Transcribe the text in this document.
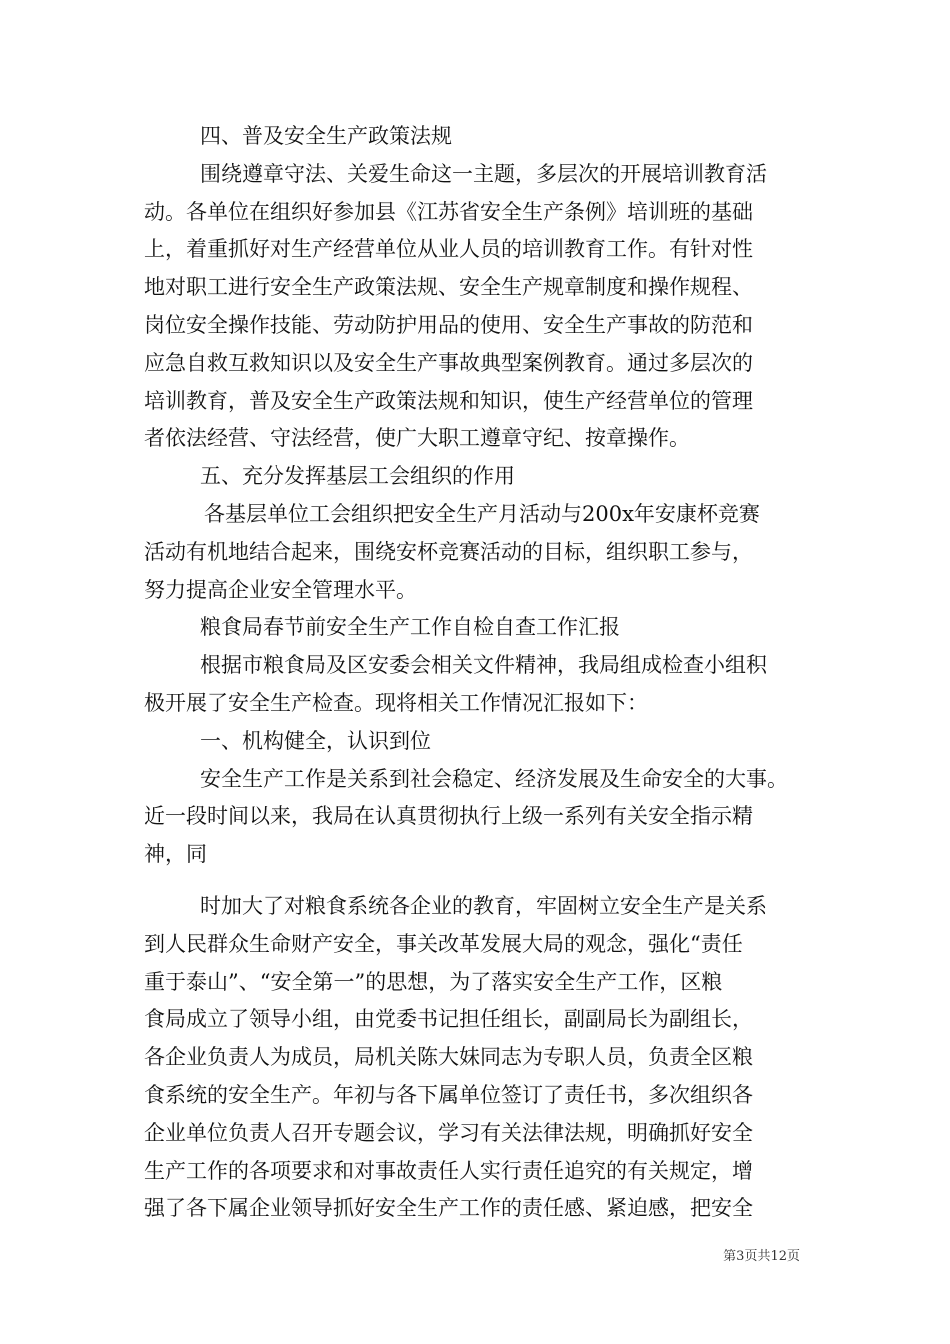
四、普及安全生产政策法规
围绕遵章守法、关爱生命这一主题，多层次的开展培训教育活
动。各单位在组织好参加县《江苏省安全生产条例》培训班的基础
上，着重抓好对生产经营单位从业人员的培训教育工作。有针对性
地对职工进行安全生产政策法规、安全生产规章制度和操作规程、
岗位安全操作技能、劳动防护用品的使用、安全生产事故的防范和
应急自救互救知识以及安全生产事故典型案例教育。通过多层次的
培训教育，普及安全生产政策法规和知识，使生产经营单位的管理
者依法经营、守法经营，使广大职工遵章守纪、按章操作。
五、充分发挥基层工会组织的作用
各基层单位工会组织把安全生产月活动与200x年安康杯竞赛
活动有机地结合起来，围绕安杯竞赛活动的目标，组织职工参与，
努力提高企业安全管理水平。
粮食局春节前安全生产工作自检自查工作汇报
根据市粮食局及区安委会相关文件精神，我局组成检查小组积
极开展了安全生产检查。现将相关工作情况汇报如下：
一、机构健全，认识到位
安全生产工作是关系到社会稳定、经济发展及生命安全的大事。
近一段时间以来，我局在认真贯彻执行上级一系列有关安全指示精
神，同
时加大了对粮食系统各企业的教育，牢固树立安全生产是关系
到人民群众生命财产安全，事关改革发展大局的观念，强化“责任
重于泰山”、“安全第一”的思想，为了落实安全生产工作，区粮
食局成立了领导小组，由党委书记担任组长，副副局长为副组长，
各企业负责人为成员，局机关陈大妹同志为专职人员，负责全区粮
食系统的安全生产。年初与各下属单位签订了责任书，多次组织各
企业单位负责人召开专题会议，学习有关法律法规，明确抓好安全
生产工作的各项要求和对事故责任人实行责任追究的有关规定，增
强了各下属企业领导抓好安全生产工作的责任感、紧迫感，把安全
第3页共12页
